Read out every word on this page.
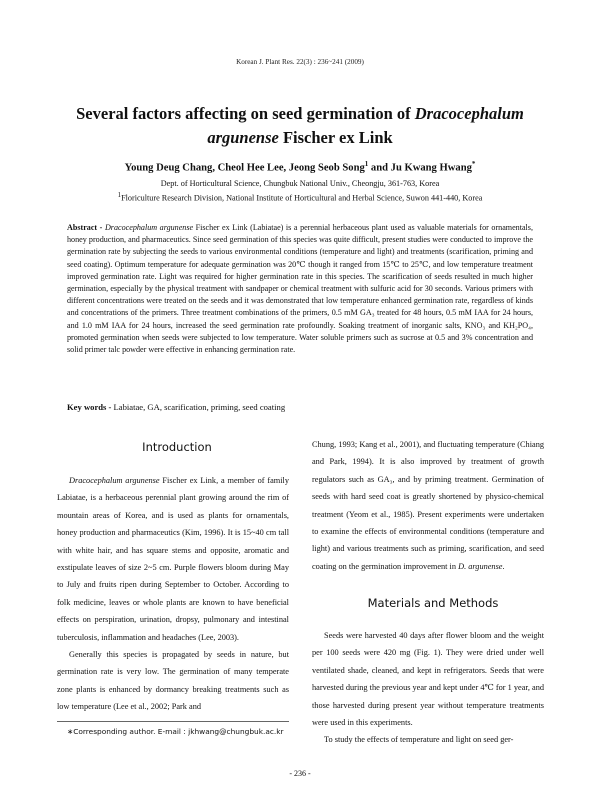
Korean J. Plant Res. 22(3) : 236~241 (2009)
Several factors affecting on seed germination of Dracocephalum
argunense Fischer ex Link
Young Deug Chang, Cheol Hee Lee, Jeong Seob Song$^1$ and Ju Kwang Hwang*
Dept. of Horticultural Science, Chungbuk National Univ., Cheongju, 361-763, Korea
$^1$Floriculture Research Division, National Institute of Horticultural and Herbal Science, Suwon 441-440, Korea
Abstract - Dracocephalum argunense Fischer ex Link (Labiatae) is a perennial herbaceous plant used as valuable materials for ornamentals, honey production, and pharmaceutics. Since seed germination of this species was quite difficult, present studies were conducted to improve the germination rate by subjecting the seeds to various environmental conditions (temperature and light) and treatments (scarification, priming and seed coating). Optimum temperature for adequate germination was 20℃ though it ranged from 15℃ to 25℃, and low temperature treatment improved germination rate. Light was required for higher germination rate in this species. The scarification of seeds resulted in much higher germination, especially by the physical treatment with sandpaper or chemical treatment with sulfuric acid for 30 seconds. Various primers with different concentrations were treated on the seeds and it was demonstrated that low temperature enhanced germination rate, regardless of kinds and concentrations of the primers. Three treatment combinations of the primers, 0.5 mM GA₃ treated for 48 hours, 0.5 mM IAA for 24 hours, and 1.0 mM IAA for 24 hours, increased the seed germination rate profoundly. Soaking treatment of inorganic salts, KNO₃ and KH₂PO₄, promoted germination when seeds were subjected to low temperature. Water soluble primers such as sucrose at 0.5 and 3% concentration and solid primer talc powder were effective in enhancing germination rate.
Key words - Labiatae, GA, scarification, priming, seed coating
Introduction

Dracocephalum argunense Fischer ex Link, a member of family Labiatae, is a herbaceous perennial plant growing around the rim of mountain areas of Korea, and is used as plants for ornamentals, honey production and pharmaceutics (Kim, 1996). It is 15~40 cm tall with white hair, and has square stems and opposite, aromatic and exstipulate leaves of size 2~5 cm. Purple flowers bloom during May to July and fruits ripen during September to October. According to folk medicine, leaves or whole plants are known to have beneficial effects on perspiration, urination, dropsy, pulmonary and intestinal tuberculosis, inflammation and headaches (Lee, 2003).

Generally this species is propagated by seeds in nature, but germination rate is very low. The germination of many temperate zone plants is enhanced by dormancy breaking treatments such as low temperature (Lee et al., 2002; Park and

Chung, 1993; Kang et al., 2001), and fluctuating temperature (Chiang and Park, 1994). It is also improved by treatment of growth regulators such as GA₃, and by priming treatment. Germination of seeds with hard seed coat is greatly shortened by physico-chemical treatment (Yeom et al., 1985). Present experiments were undertaken to examine the effects of environmental conditions (temperature and light) and various treatments such as priming, scarification, and seed coating on the germination improvement in D. argunense.

Materials and Methods

Seeds were harvested 40 days after flower bloom and the weight per 100 seeds were 420 mg (Fig. 1). They were dried under well ventilated shade, cleaned, and kept in refrigerators. Seeds that were harvested during the previous year and kept under 4℃ for 1 year, and those harvested during present year without temperature treatments were used in this experiments.

To study the effects of temperature and light on seed ger-

∗Corresponding author. E-mail : jkhwang@chungbuk.ac.kr
- 236 -
